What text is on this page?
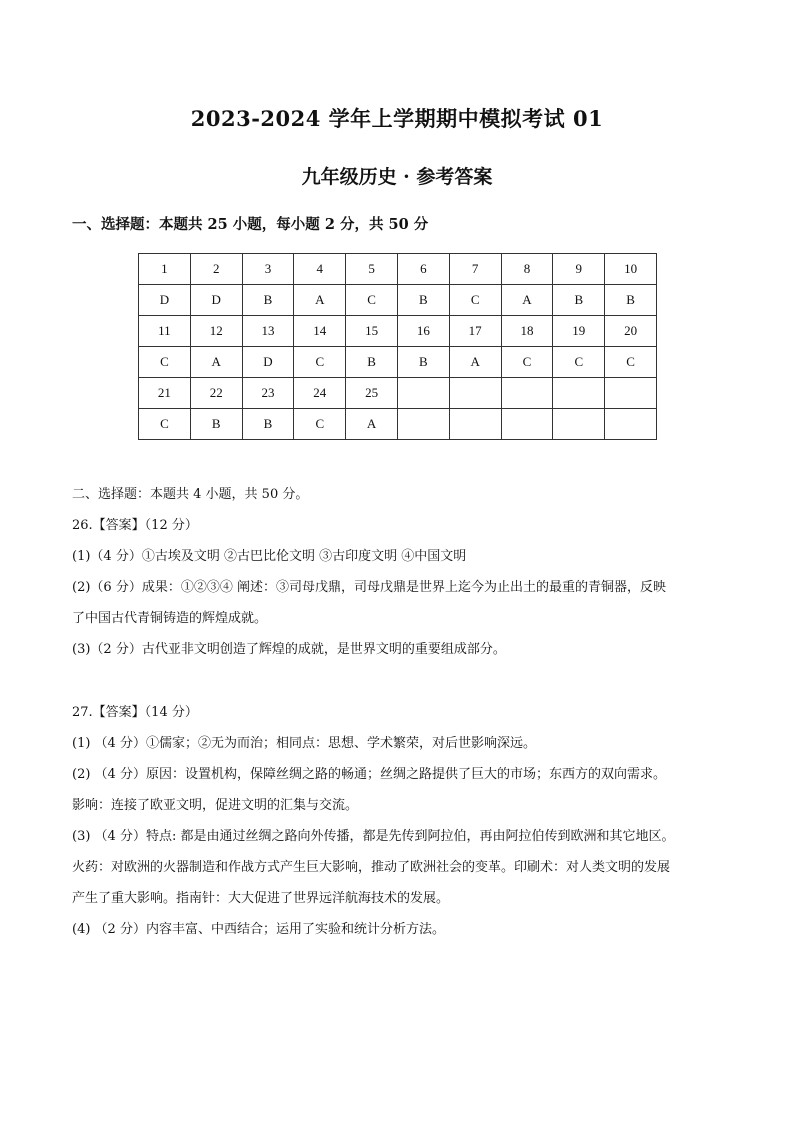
2023-2024 学年上学期期中模拟考试 01
九年级历史 · 参考答案
一、选择题：本题共 25 小题，每小题 2 分，共 50 分
1	2	3	4	5	6	7	8	9	10
D	D	B	A	C	B	C	A	B	B
11	12	13	14	15	16	17	18	19	20
C	A	D	C	B	B	A	C	C	C
21	22	23	24	25					
C	B	B	C	A					
二、选择题：本题共 4 小题，共 50 分。
26.【答案】（12 分）
(1)（4 分）①古埃及文明 ②古巴比伦文明 ③古印度文明 ④中国文明
(2)（6 分）成果：①②③④ 阐述：③司母戊鼎，司母戊鼎是世界上迄今为止出土的最重的青铜器，反映
了中国古代青铜铸造的辉煌成就。
(3)（2 分）古代亚非文明创造了辉煌的成就，是世界文明的重要组成部分。
27.【答案】（14 分）
(1) （4 分）①儒家；②无为而治；相同点：思想、学术繁荣，对后世影响深远。
(2) （4 分）原因：设置机构，保障丝绸之路的畅通；丝绸之路提供了巨大的市场；东西方的双向需求。
影响：连接了欧亚文明，促进文明的汇集与交流。
(3) （4 分）特点: 都是由通过丝绸之路向外传播，都是先传到阿拉伯，再由阿拉伯传到欧洲和其它地区。
火药：对欧洲的火器制造和作战方式产生巨大影响，推动了欧洲社会的变革。印刷术：对人类文明的发展
产生了重大影响。指南针：大大促进了世界远洋航海技术的发展。
(4) （2 分）内容丰富、中西结合；运用了实验和统计分析方法。
